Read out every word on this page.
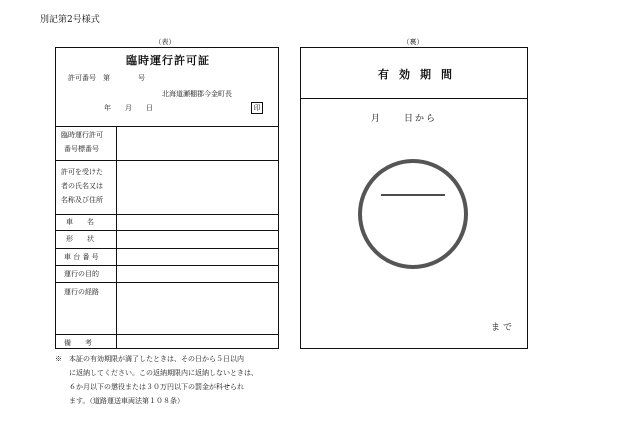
別記第2号様式
（表）	（裏）
臨時運行許可証
許可番号　第　　　　号
北海道瀬棚郡今金町長
年　　月　　日	印
臨時運行許可
番号標番号
許可を受けた
者の氏名又は
名称及び住所
車　　名
形　　状
車 台 番 号
運行の目的
運行の経路
備　　考
有効期間
月　　日から
まで
※　本証の有効期限が満了したときは、その日から５日以内
　　に返納してください。この返納期限内に返納しないときは、
　　６か月以下の懲役または３０万円以下の罰金が科せられ
　　ます。（道路運送車両法第１０８条）
